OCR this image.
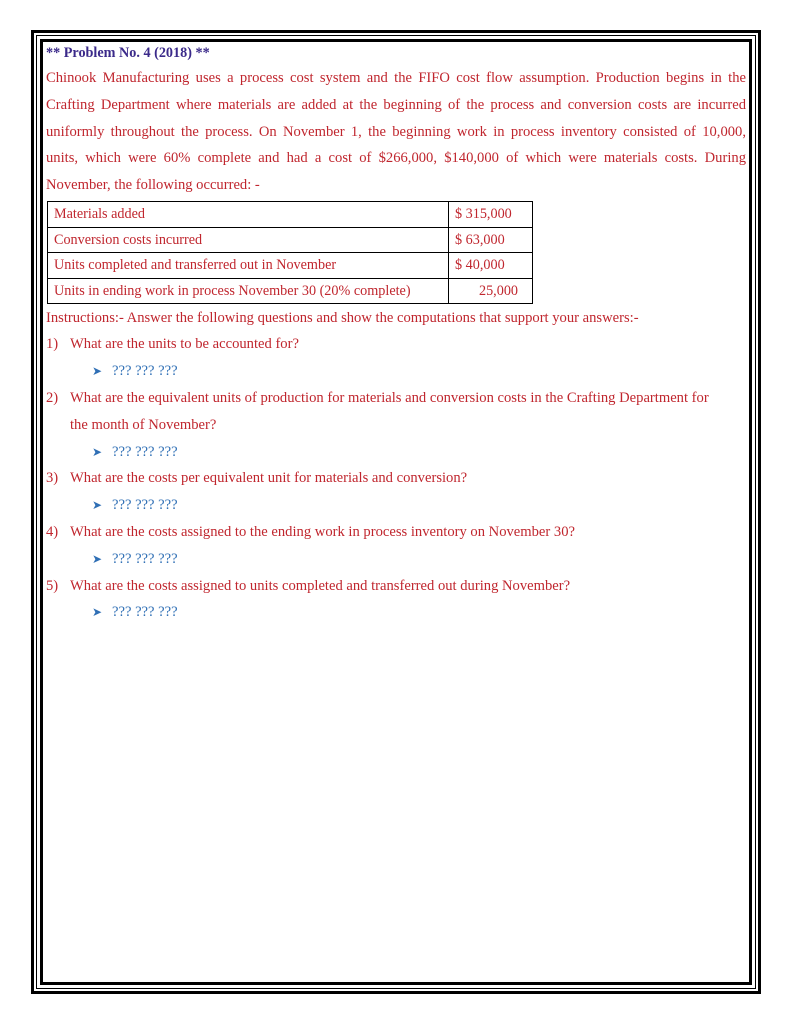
** Problem No. 4 (2018) **

Chinook Manufacturing uses a process cost system and the FIFO cost flow assumption. Production begins in the
Crafting Department where materials are added at the beginning of the process and conversion costs are incurred
uniformly throughout the process. On November 1, the beginning work in process inventory consisted of 10,000,
units, which were 60% complete and had a cost of $266,000, $140,000 of which were materials costs. During
November, the following occurred: -

Materials added	$ 315,000
Conversion costs incurred	$ 63,000
Units completed and transferred out in November	$ 40,000
Units in ending work in process November 30 (20% complete)	25,000
Instructions:- Answer the following questions and show the computations that support your answers:-
1) What are the units to be accounted for?
➤ ??? ??? ???
2) What are the equivalent units of production for materials and conversion costs in the Crafting Department for
the month of November?
➤ ??? ??? ???
3) What are the costs per equivalent unit for materials and conversion?
➤ ??? ??? ???
4) What are the costs assigned to the ending work in process inventory on November 30?
➤ ??? ??? ???
5) What are the costs assigned to units completed and transferred out during November?
➤ ??? ??? ???
